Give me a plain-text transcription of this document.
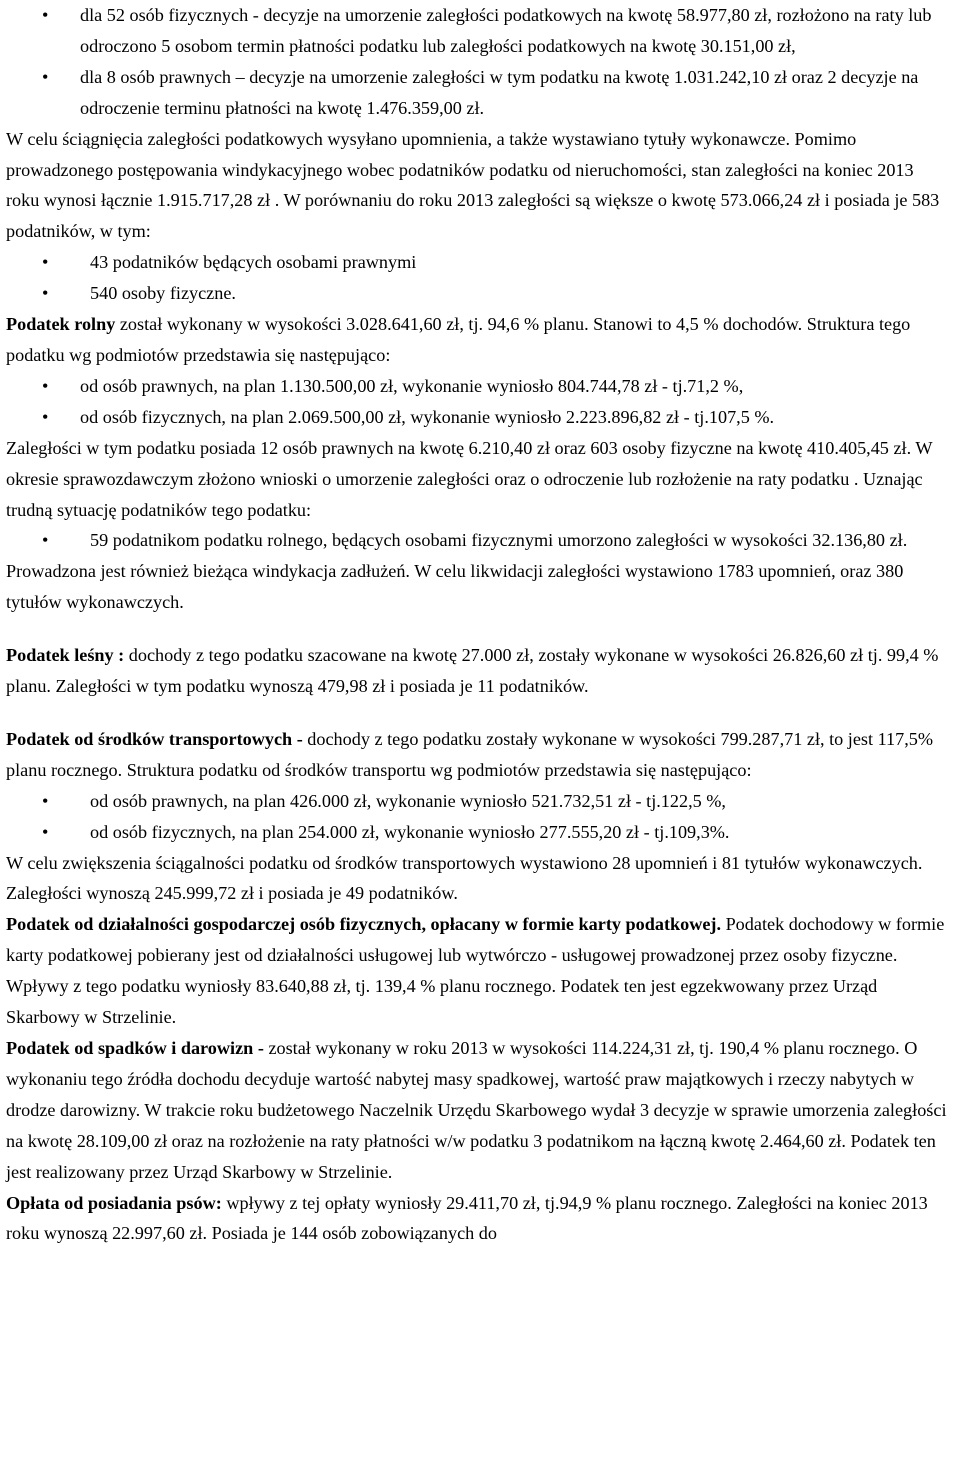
• dla 52 osób fizycznych - decyzje na umorzenie zaległości podatkowych na kwotę 58.977,80 zł, rozłożono na raty lub odroczono 5 osobom termin płatności podatku lub zaległości podatkowych na kwotę 30.151,00 zł,

• dla 8 osób prawnych – decyzje na umorzenie zaległości w tym podatku na kwotę 1.031.242,10 zł oraz 2 decyzje na odroczenie terminu płatności na kwotę 1.476.359,00 zł.

W celu ściągnięcia zaległości podatkowych wysyłano upomnienia, a także wystawiano tytuły wykonawcze. Pomimo prowadzonego postępowania windykacyjnego wobec podatników podatku od nieruchomości, stan zaległości na koniec 2013 roku wynosi łącznie 1.915.717,28 zł . W porównaniu do roku 2013 zaległości są większe o kwotę 573.066,24 zł i posiada je 583 podatników, w tym:

• 43 podatników będących osobami prawnymi

• 540 osoby fizyczne.

Podatek rolny został wykonany w wysokości 3.028.641,60 zł, tj. 94,6 % planu. Stanowi to 4,5 % dochodów. Struktura tego podatku wg podmiotów przedstawia się następująco:

• od osób prawnych, na plan 1.130.500,00 zł, wykonanie wyniosło 804.744,78 zł - tj.71,2 %,

• od osób fizycznych, na plan 2.069.500,00 zł, wykonanie wyniosło 2.223.896,82 zł - tj.107,5 %.

Zaległości w tym podatku posiada 12 osób prawnych na kwotę 6.210,40 zł oraz 603 osoby fizyczne na kwotę 410.405,45 zł. W okresie sprawozdawczym złożono wnioski o umorzenie zaległości oraz o odroczenie lub rozłożenie na raty podatku . Uznając trudną sytuację podatników tego podatku:

• 59 podatnikom podatku rolnego, będących osobami fizycznymi umorzono zaległości w wysokości 32.136,80 zł.

Prowadzona jest również bieżąca windykacja zadłużeń. W celu likwidacji zaległości wystawiono 1783 upomnień, oraz 380 tytułów wykonawczych.

Podatek leśny : dochody z tego podatku szacowane na kwotę 27.000 zł, zostały wykonane w wysokości 26.826,60 zł tj. 99,4 % planu. Zaległości w tym podatku wynoszą 479,98 zł i posiada je 11 podatników.

Podatek od środków transportowych - dochody z tego podatku zostały wykonane w wysokości 799.287,71 zł, to jest 117,5% planu rocznego. Struktura podatku od środków transportu wg podmiotów przedstawia się następująco:

• od osób prawnych, na plan 426.000 zł, wykonanie wyniosło 521.732,51 zł - tj.122,5 %,

• od osób fizycznych, na plan 254.000 zł, wykonanie wyniosło 277.555,20 zł - tj.109,3%.

W celu zwiększenia ściągalności podatku od środków transportowych wystawiono 28 upomnień i 81 tytułów wykonawczych. Zaległości wynoszą 245.999,72 zł i posiada je 49 podatników.

Podatek od działalności gospodarczej osób fizycznych, opłacany w formie karty podatkowej. Podatek dochodowy w formie karty podatkowej pobierany jest od działalności usługowej lub wytwórczo - usługowej prowadzonej przez osoby fizyczne. Wpływy z tego podatku wyniosły 83.640,88 zł, tj. 139,4 % planu rocznego. Podatek ten jest egzekwowany przez Urząd Skarbowy w Strzelinie.

Podatek od spadków i darowizn - został wykonany w roku 2013 w wysokości 114.224,31 zł, tj. 190,4 % planu rocznego. O wykonaniu tego źródła dochodu decyduje wartość nabytej masy spadkowej, wartość praw majątkowych i rzeczy nabytych w drodze darowizny. W trakcie roku budżetowego Naczelnik Urzędu Skarbowego wydał 3 decyzje w sprawie umorzenia zaległości na kwotę 28.109,00 zł oraz na rozłożenie na raty płatności w/w podatku 3 podatnikom na łączną kwotę 2.464,60 zł. Podatek ten jest realizowany przez Urząd Skarbowy w Strzelinie.

Opłata od posiadania psów: wpływy z tej opłaty wyniosły 29.411,70 zł, tj.94,9 % planu rocznego. Zaległości na koniec 2013 roku wynoszą 22.997,60 zł. Posiada je 144 osób zobowiązanych do
